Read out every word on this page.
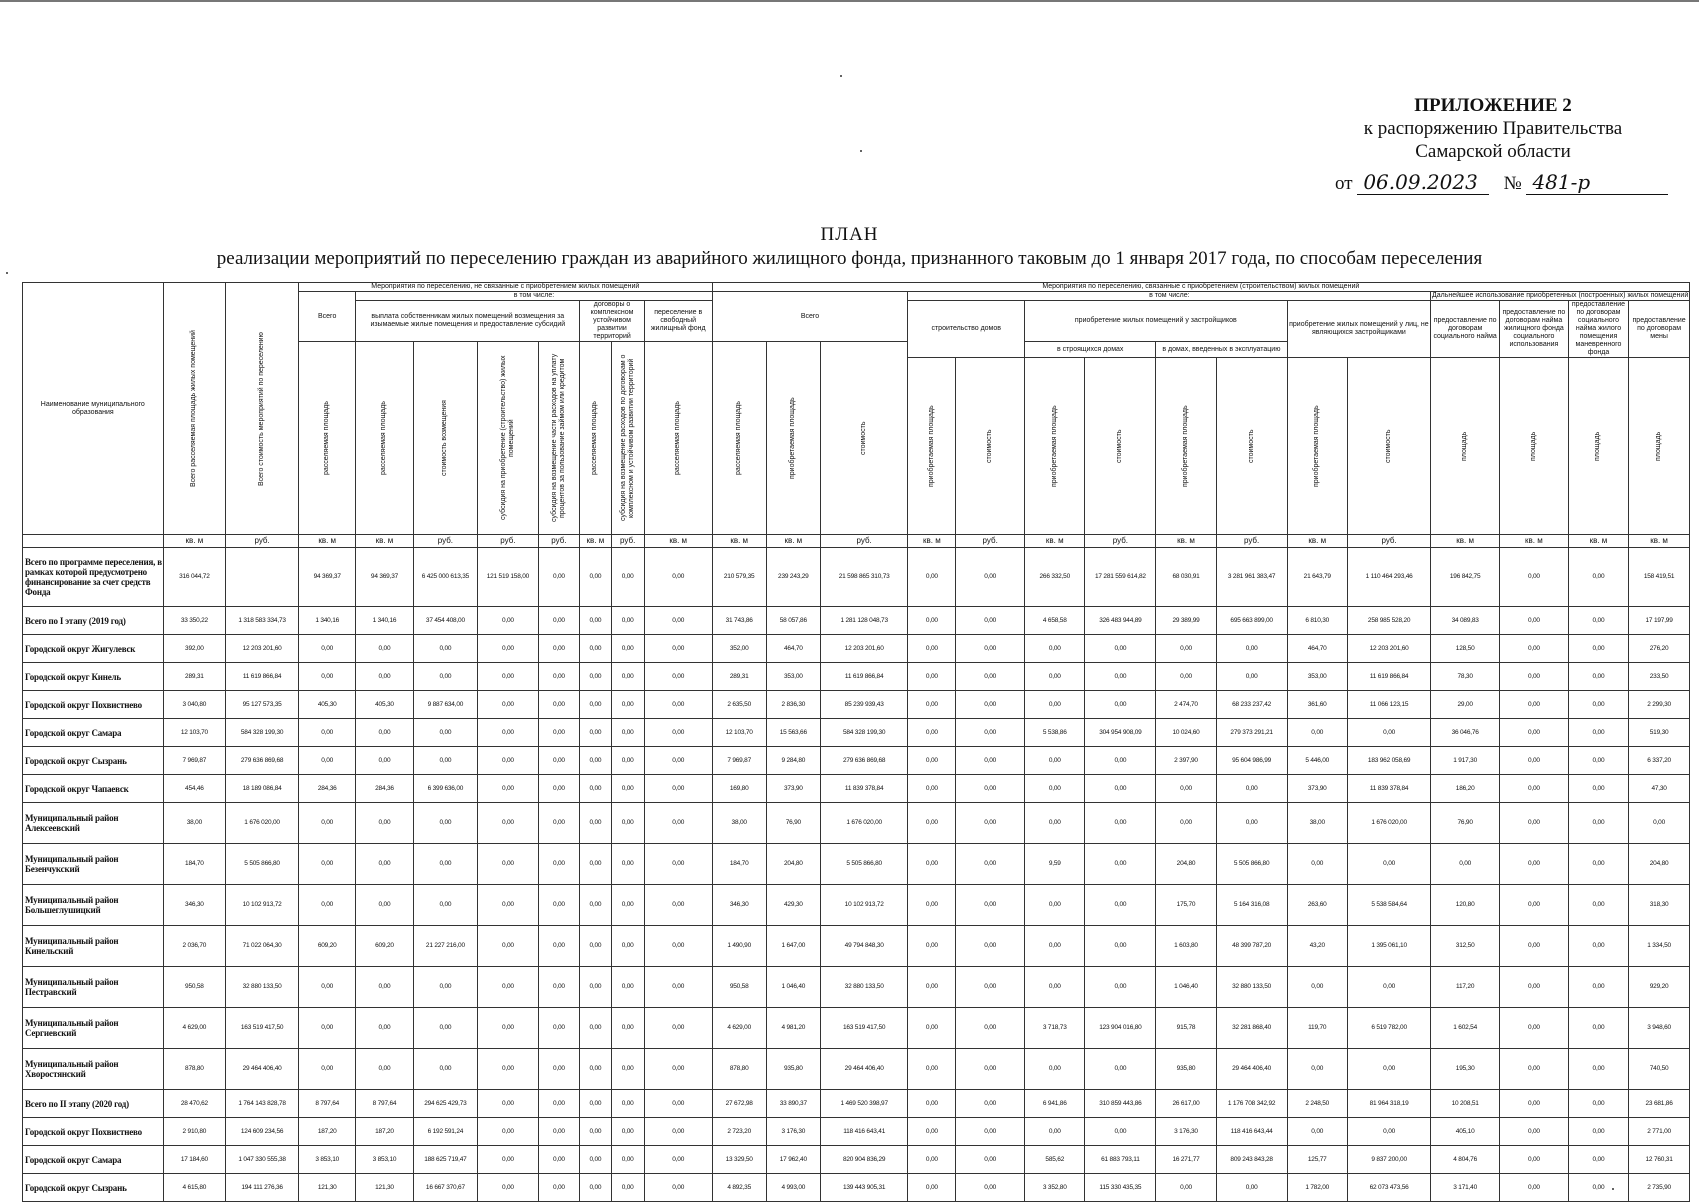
ПРИЛОЖЕНИЕ 2
к распоряжению Правительства
Самарской области
от 06.09.2023 № 481-р
ПЛАН
реализации мероприятий по переселению граждан из аварийного жилищного фонда, признанного таковым до 1 января 2017 года, по способам переселения
Наименование муниципального образования	Всего расселяемая площадь жилых помещений	Всего стоимость мероприятий по переселению	Мероприятия по переселению, не связанные с приобретением жилых помещений								Мероприятия по переселению, связанные с приобретением (строительством) жилых помещений														
			Всего	в том числе:							Всего			в том числе:								Дальнейшее использование приобретенных (построенных) жилых помещений			
				выплата собственникам жилых помещений возмещения за изымаемые жилые помещения и предоставление субсидий				договоры о комплексном устойчивом развитии территорий		переселение в свободный жилищный фонд				строительство домов		приобретение жилых помещений у застройщиков				приобретение жилых помещений у лиц, не являющихся застройщиками		предоставление по договорам социального найма	предоставление по договорам найма жилищного фонда социального использования	предоставление по договорам социального найма жилого помещения маневренного фонда	предоставление по договорам мены

			расселяемая площадь	расселяемая площадь	стоимость возмещения	субсидия на приобретение (строительство) жилых помещений	субсидия на возмещение части расходов на уплату процентов за пользование займом или кредитом	расселяемая площадь	субсидия на возмещение расходов по договорам о комплексном и устойчивом развитии территорий	расселяемая площадь	расселяемая площадь	приобретаемая площадь	стоимость			в строящихся домах		в домах, введенных в эксплуатацию							

														приобретаемая площадь	стоимость	приобретаемая площадь	стоимость	приобретаемая площадь	стоимость	приобретаемая площадь	стоимость	площадь	площадь	площадь	площадь

	кв. м	руб.	кв. м	кв. м	руб.	руб.	руб.	кв. м	руб.	кв. м	кв. м	кв. м	руб.	кв. м	руб.	кв. м	руб.	кв. м	руб.	кв. м	руб.	кв. м	кв. м	кв. м	кв. м
Всего по программе переселения, в рамках которой предусмотрено финансирование за счет средств Фонда	316 044,72		94 369,37	94 369,37	6 425 000 613,35	121 519 158,00	0,00	0,00	0,00	0,00	210 579,35	239 243,29	21 598 865 310,73	0,00	0,00	266 332,50	17 281 559 614,82	68 030,91	3 281 961 383,47	21 643,79	1 110 464 293,46	196 842,75	0,00	0,00	158 419,51
Всего по I этапу (2019 год)	33 350,22	1 318 583 334,73	1 340,16	1 340,16	37 454 408,00	0,00	0,00	0,00	0,00	0,00	31 743,86	58 057,86	1 281 128 048,73	0,00	0,00	4 658,58	326 483 944,89	29 389,99	695 663 899,00	6 810,30	258 985 528,20	34 089,83	0,00	0,00	17 197,99
Городской округ Жигулевск	392,00	12 203 201,60	0,00	0,00	0,00	0,00	0,00	0,00	0,00	0,00	352,00	464,70	12 203 201,60	0,00	0,00	0,00	0,00	0,00	0,00	464,70	12 203 201,60	128,50	0,00	0,00	276,20
Городской округ Кинель	289,31	11 619 866,84	0,00	0,00	0,00	0,00	0,00	0,00	0,00	0,00	289,31	353,00	11 619 866,84	0,00	0,00	0,00	0,00	0,00	0,00	353,00	11 619 866,84	78,30	0,00	0,00	233,50
Городской округ Похвистнево	3 040,80	95 127 573,35	405,30	405,30	9 887 634,00	0,00	0,00	0,00	0,00	0,00	2 635,50	2 836,30	85 239 939,43	0,00	0,00	0,00	0,00	2 474,70	68 233 237,42	361,60	11 066 123,15	29,00	0,00	0,00	2 299,30
Городской округ Самара	12 103,70	584 328 199,30	0,00	0,00	0,00	0,00	0,00	0,00	0,00	0,00	12 103,70	15 563,66	584 328 199,30	0,00	0,00	5 538,86	304 954 908,09	10 024,60	279 373 291,21	0,00	0,00	36 046,76	0,00	0,00	519,30
Городской округ Сызрань	7 969,87	279 636 869,68	0,00	0,00	0,00	0,00	0,00	0,00	0,00	0,00	7 969,87	9 284,80	279 636 869,68	0,00	0,00	0,00	0,00	2 397,90	95 604 986,99	5 446,00	183 962 058,69	1 917,30	0,00	0,00	6 337,20
Городской округ Чапаевск	454,46	18 189 086,84	284,36	284,36	6 399 636,00	0,00	0,00	0,00	0,00	0,00	169,80	373,90	11 839 378,84	0,00	0,00	0,00	0,00	0,00	0,00	373,90	11 839 378,84	186,20	0,00	0,00	47,30
Муниципальный район Алексеевский	38,00	1 676 020,00	0,00	0,00	0,00	0,00	0,00	0,00	0,00	0,00	38,00	76,90	1 676 020,00	0,00	0,00	0,00	0,00	0,00	0,00	38,00	1 676 020,00	76,90	0,00	0,00	0,00
Муниципальный район Безенчукский	184,70	5 505 866,80	0,00	0,00	0,00	0,00	0,00	0,00	0,00	0,00	184,70	204,80	5 505 866,80	0,00	0,00	9,59	0,00	204,80	5 505 866,80	0,00	0,00	0,00	0,00	0,00	204,80
Муниципальный район Большеглушицкий	346,30	10 102 913,72	0,00	0,00	0,00	0,00	0,00	0,00	0,00	0,00	346,30	429,30	10 102 913,72	0,00	0,00	0,00	0,00	175,70	5 164 316,08	263,60	5 538 584,64	120,80	0,00	0,00	318,30
Муниципальный район Кинельский	2 036,70	71 022 064,30	609,20	609,20	21 227 216,00	0,00	0,00	0,00	0,00	0,00	1 490,90	1 647,00	49 794 848,30	0,00	0,00	0,00	0,00	1 603,80	48 399 787,20	43,20	1 395 061,10	312,50	0,00	0,00	1 334,50
Муниципальный район Пестравский	950,58	32 880 133,50	0,00	0,00	0,00	0,00	0,00	0,00	0,00	0,00	950,58	1 046,40	32 880 133,50	0,00	0,00	0,00	0,00	1 046,40	32 880 133,50	0,00	0,00	117,20	0,00	0,00	929,20
Муниципальный район Сергиевский	4 629,00	163 519 417,50	0,00	0,00	0,00	0,00	0,00	0,00	0,00	0,00	4 629,00	4 981,20	163 519 417,50	0,00	0,00	3 718,73	123 904 016,80	915,78	32 281 868,40	119,70	6 519 782,00	1 602,54	0,00	0,00	3 948,60
Муниципальный район Хворостянский	878,80	29 464 406,40	0,00	0,00	0,00	0,00	0,00	0,00	0,00	0,00	878,80	935,80	29 464 406,40	0,00	0,00	0,00	0,00	935,80	29 464 406,40	0,00	0,00	195,30	0,00	0,00	740,50
Всего по II этапу (2020 год)	28 470,62	1 764 143 828,78	8 797,64	8 797,64	294 625 429,73	0,00	0,00	0,00	0,00	0,00	27 672,98	33 890,37	1 469 520 398,97	0,00	0,00	6 941,86	310 859 443,86	26 617,00	1 176 708 342,92	2 248,50	81 964 318,19	10 208,51	0,00	0,00	23 681,86
Городской округ Похвистнево	2 910,80	124 609 234,56	187,20	187,20	6 192 591,24	0,00	0,00	0,00	0,00	0,00	2 723,20	3 176,30	118 416 643,41	0,00	0,00	0,00	0,00	3 176,30	118 416 643,44	0,00	0,00	405,10	0,00	0,00	2 771,00
Городской округ Самара	17 184,60	1 047 330 555,38	3 853,10	3 853,10	188 625 719,47	0,00	0,00	0,00	0,00	0,00	13 329,50	17 962,40	820 904 836,29	0,00	0,00	585,62	61 883 793,11	16 271,77	809 243 843,28	125,77	9 837 200,00	4 804,76	0,00	0,00	12 760,31
Городской округ Сызрань	4 615,80	194 111 276,36	121,30	121,30	16 667 370,67	0,00	0,00	0,00	0,00	0,00	4 892,35	4 993,00	139 443 905,31	0,00	0,00	3 352,80	115 330 435,35	0,00	0,00	1 782,00	62 073 473,56	3 171,40	0,00	0,00	2 735,90
